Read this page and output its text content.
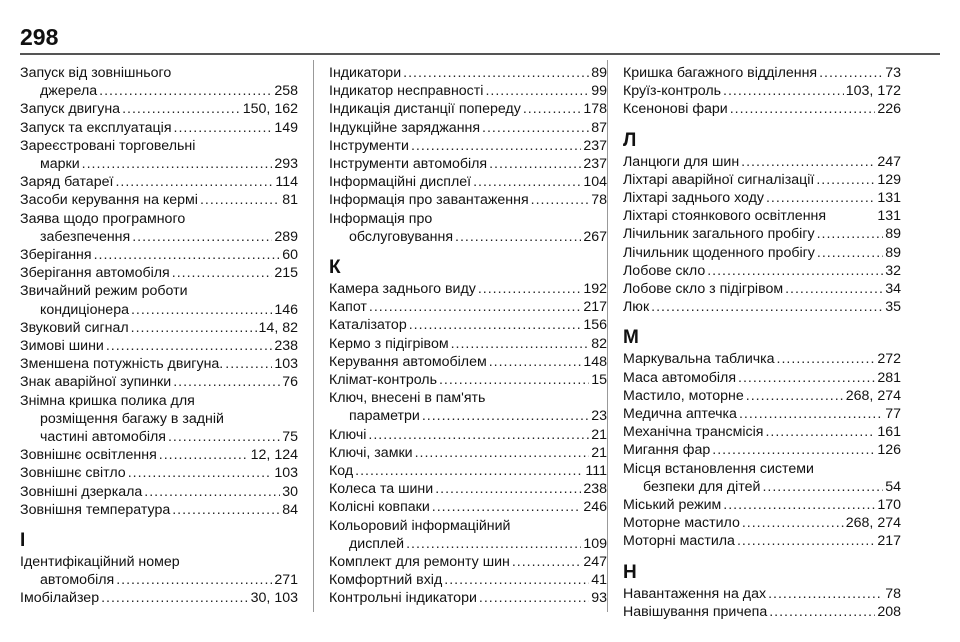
298
Запуск від зовнішнього
джерела .....	258
Запуск двигуна .....	150, 162
Запуск та експлуатація .....	149
Зареєстровані торговельні
марки .....	293
Заряд батареї .....	114
Засоби керування на кермі .....	81
Заява щодо програмного
забезпечення .....	289
Зберігання .....	60
Зберігання автомобіля .....	215
Звичайний режим роботи
кондиціонера .....	146
Звуковий сигнал .....	14, 82
Зимові шини .....	238
Зменшена потужність двигуна. .....	103
Знак аварійної зупинки .....	76
Знімна кришка полика для
розміщення багажу в задній
частині автомобіля .....	75
Зовнішнє освітлення .....	12, 124
Зовнішнє світло .....	103
Зовнішні дзеркала .....	30
Зовнішня температура .....	84
І
Ідентифікаційний номер
автомобіля .....	271
Імобілайзер .....	30, 103
Індикатори .....	89
Індикатор несправності .....	99
Індикація дистанції попереду .....	178
Індукційне заряджання .....	87
Інструменти .....	237
Інструменти автомобіля .....	237
Інформаційні дисплеї .....	104
Інформація про завантаження .....	78
Інформація про
обслуговування .....	267
К
Камера заднього виду .....	192
Капот .....	217
Каталізатор .....	156
Кермо з підігрівом .....	82
Керування автомобілем .....	148
Клімат-контроль .....	15
Ключ, внесені в пам'ять
параметри .....	23
Ключі .....	21
Ключі, замки .....	21
Код .....	111
Колеса та шини .....	238
Колісні ковпаки .....	246
Кольоровий інформаційний
дисплей .....	109
Комплект для ремонту шин .....	247
Комфортний вхід .....	41
Контрольні індикатори .....	93
Кришка багажного відділення .....	73
Круїз-контроль .....	103, 172
Ксенонові фари .....	226
Л
Ланцюги для шин .....	247
Ліхтарі аварійної сигналізації .....	129
Ліхтарі заднього ходу .....	131
Ліхтарі стоянкового освітлення	131
Лічильник загального пробігу .....	89
Лічильник щоденного пробігу .....	89
Лобове скло .....	32
Лобове скло з підігрівом .....	34
Люк .....	35
М
Маркувальна табличка .....	272
Маса автомобіля .....	281
Мастило, моторне .....	268, 274
Медична аптечка .....	77
Механічна трансмісія .....	161
Мигання фар .....	126
Місця встановлення системи
безпеки для дітей .....	54
Міський режим .....	170
Моторне мастило .....	268, 274
Моторні мастила .....	217
Н
Навантаження на дах .....	78
Навішування причепа .....	208
